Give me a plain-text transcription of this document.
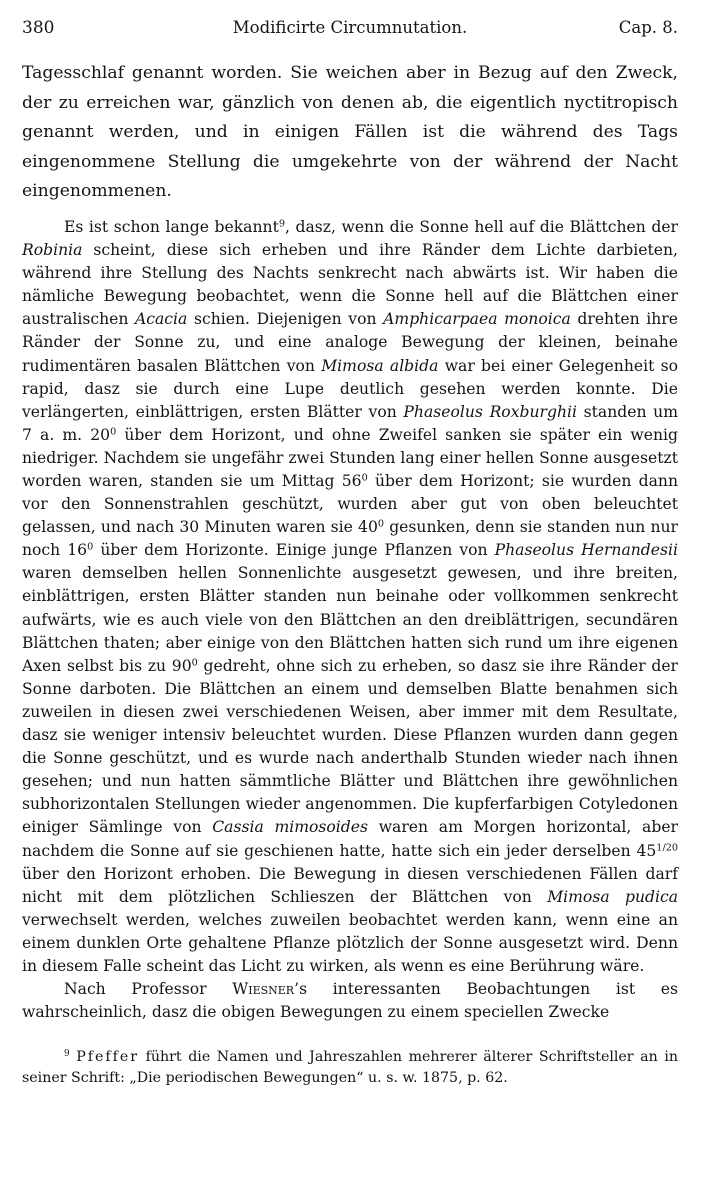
380	Modificirte Circumnutation.	Cap. 8.

Tagesschlaf genannt worden. Sie weichen aber in Bezug auf den Zweck, der zu erreichen war, gänzlich von denen ab, die eigentlich nyctitropisch genannt werden, und in einigen Fällen ist die während des Tags eingenommene Stellung die umgekehrte von der während der Nacht eingenommenen.

Es ist schon lange bekannt$^9$, dasz, wenn die Sonne hell auf die Blättchen der Robinia scheint, diese sich erheben und ihre Ränder dem Lichte darbieten, während ihre Stellung des Nachts senkrecht nach abwärts ist. Wir haben die nämliche Bewegung beobachtet, wenn die Sonne hell auf die Blättchen einer australischen Acacia schien. Diejenigen von Amphicarpaea monoica drehten ihre Ränder der Sonne zu, und eine analoge Bewegung der kleinen, beinahe rudimentären basalen Blättchen von Mimosa albida war bei einer Gelegenheit so rapid, dasz sie durch eine Lupe deutlich gesehen werden konnte. Die verlängerten, einblättrigen, ersten Blätter von Phaseolus Roxburghii standen um 7 a. m. $20^0$ über dem Horizont, und ohne Zweifel sanken sie später ein wenig niedriger. Nachdem sie ungefähr zwei Stunden lang einer hellen Sonne ausgesetzt worden waren, standen sie um Mittag $56^0$ über dem Horizont; sie wurden dann vor den Sonnenstrahlen geschützt, wurden aber gut von oben beleuchtet gelassen, und nach 30 Minuten waren sie $40^0$ gesunken, denn sie standen nun nur noch $16^0$ über dem Horizonte. Einige junge Pflanzen von Phaseolus Hernandesii waren demselben hellen Sonnenlichte ausgesetzt gewesen, und ihre breiten, einblättrigen, ersten Blätter standen nun beinahe oder vollkommen senkrecht aufwärts, wie es auch viele von den Blättchen an den dreiblättrigen, secundären Blättchen thaten; aber einige von den Blättchen hatten sich rund um ihre eigenen Axen selbst bis zu $90^0$ gedreht, ohne sich zu erheben, so dasz sie ihre Ränder der Sonne darboten. Die Blättchen an einem und demselben Blatte benahmen sich zuweilen in diesen zwei verschiedenen Weisen, aber immer mit dem Resultate, dasz sie weniger intensiv beleuchtet wurden. Diese Pflanzen wurden dann gegen die Sonne geschützt, und es wurde nach anderthalb Stunden wieder nach ihnen gesehen; und nun hatten sämmtliche Blätter und Blättchen ihre gewöhnlichen subhorizontalen Stellungen wieder angenommen. Die kupferfarbigen Cotyledonen einiger Sämlinge von Cassia mimosoides waren am Morgen horizontal, aber nachdem die Sonne auf sie geschienen hatte, hatte sich ein jeder derselben $45^{1/20}$ über den Horizont erhoben. Die Bewegung in diesen verschiedenen Fällen darf nicht mit dem plötzlichen Schlieszen der Blättchen von Mimosa pudica verwechselt werden, welches zuweilen beobachtet werden kann, wenn eine an einem dunklen Orte gehaltene Pflanze plötzlich der Sonne ausgesetzt wird. Denn in diesem Falle scheint das Licht zu wirken, als wenn es eine Berührung wäre.

Nach Professor Wiesner’s interessanten Beobachtungen ist es wahrscheinlich, dasz die obigen Bewegungen zu einem speciellen Zwecke

$^9$ Pfeffer führt die Namen und Jahreszahlen mehrerer älterer Schriftsteller an in seiner Schrift: „Die periodischen Bewegungen“ u. s. w. 1875, p. 62.
